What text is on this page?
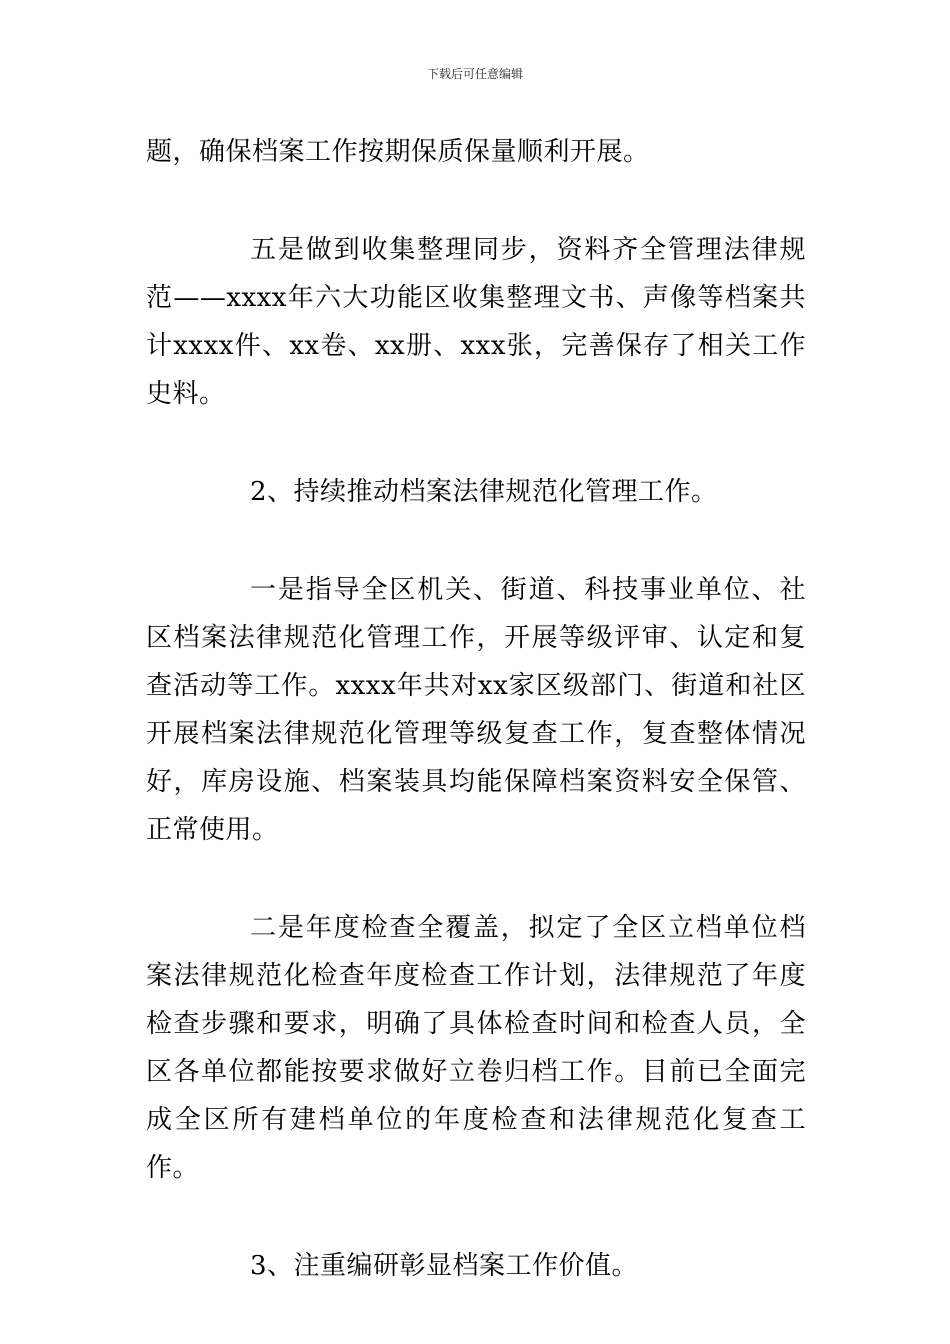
下载后可任意编辑

题，确保档案工作按期保质保量顺利开展。

五是做到收集整理同步，资料齐全管理法律规范——xxxx年六大功能区收集整理文书、声像等档案共计xxxx件、xx卷、xx册、xxx张，完善保存了相关工作史料。

2、持续推动档案法律规范化管理工作。

一是指导全区机关、街道、科技事业单位、社区档案法律规范化管理工作，开展等级评审、认定和复查活动等工作。xxxx年共对xx家区级部门、街道和社区开展档案法律规范化管理等级复查工作，复查整体情况好，库房设施、档案装具均能保障档案资料安全保管、正常使用。

二是年度检查全覆盖，拟定了全区立档单位档案法律规范化检查年度检查工作计划，法律规范了年度检查步骤和要求，明确了具体检查时间和检查人员，全区各单位都能按要求做好立卷归档工作。目前已全面完成全区所有建档单位的年度检查和法律规范化复查工作。

3、注重编研彰显档案工作价值。
